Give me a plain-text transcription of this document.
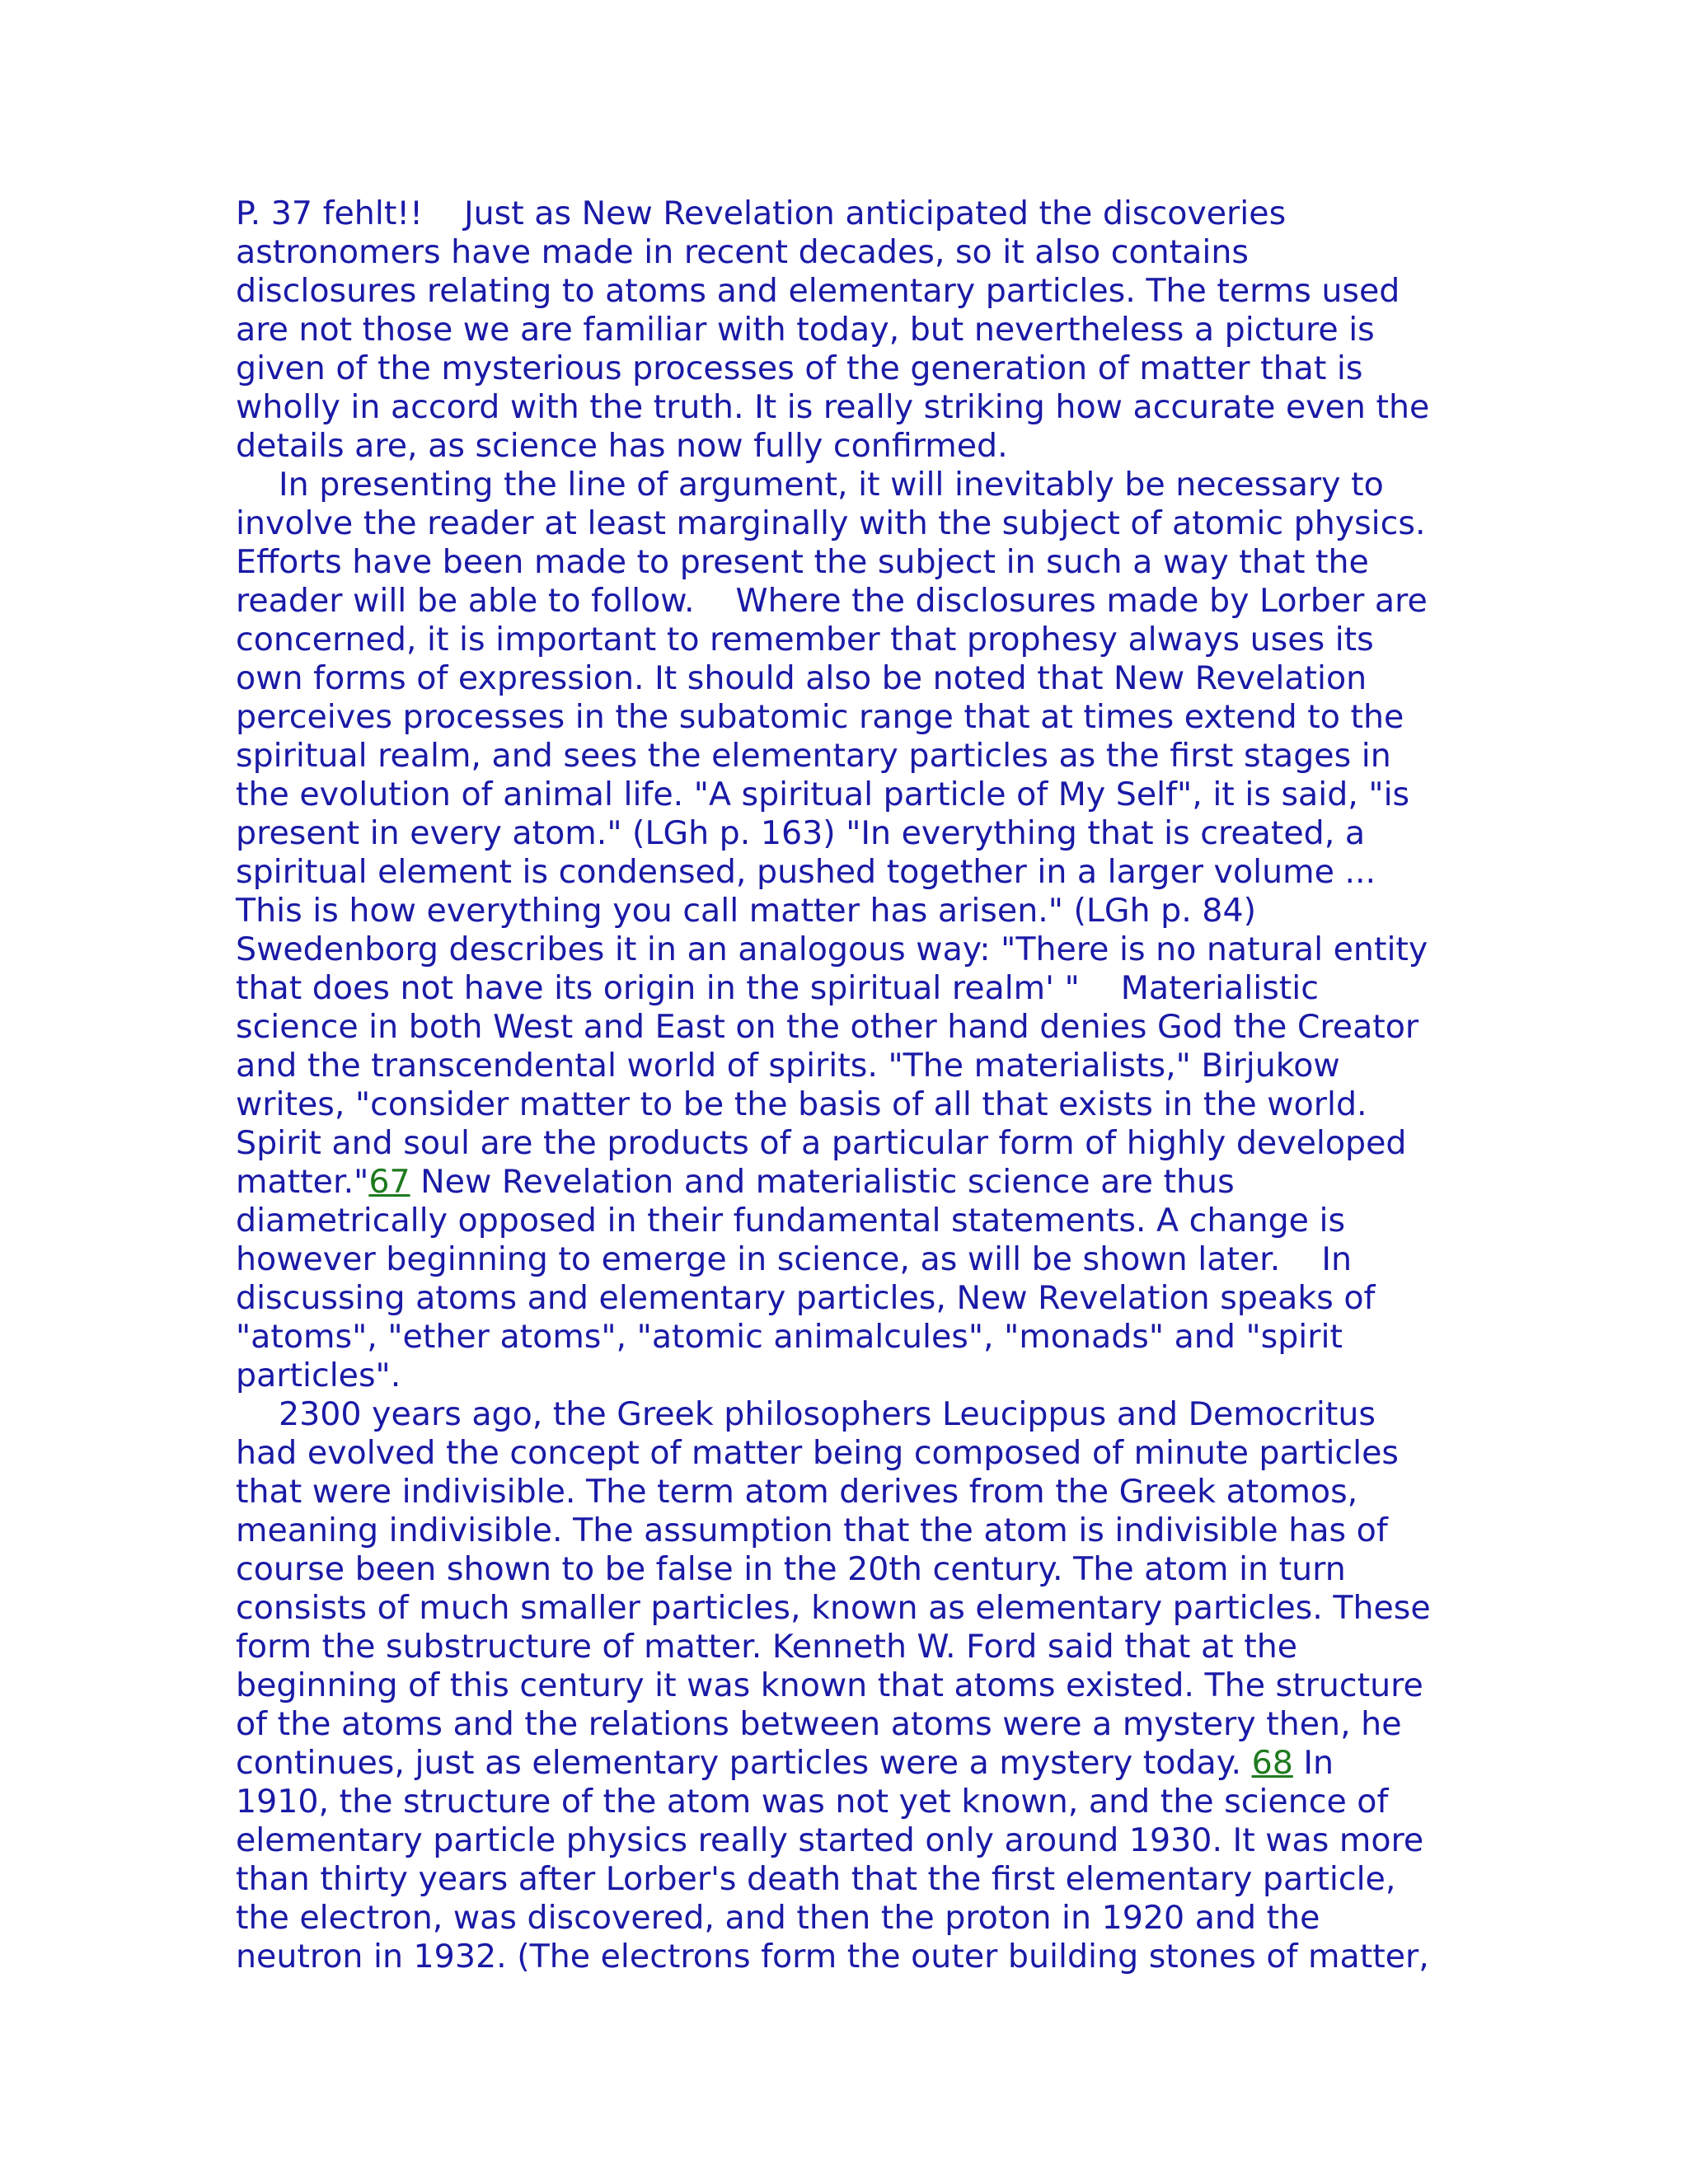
P. 37 fehlt!! Just as New Revelation anticipated the discoveries
astronomers have made in recent decades, so it also contains
disclosures relating to atoms and elementary particles. The terms used
are not those we are familiar with today, but nevertheless a picture is
given of the mysterious processes of the generation of matter that is
wholly in accord with the truth. It is really striking how accurate even the
details are, as science has now fully confirmed.
In presenting the line of argument, it will inevitably be necessary to
involve the reader at least marginally with the subject of atomic physics.
Efforts have been made to present the subject in such a way that the
reader will be able to follow. Where the disclosures made by Lorber are
concerned, it is important to remember that prophesy always uses its
own forms of expression. It should also be noted that New Revelation
perceives processes in the subatomic range that at times extend to the
spiritual realm, and sees the elementary particles as the first stages in
the evolution of animal life. "A spiritual particle of My Self", it is said, "is
present in every atom." (LGh p. 163) "In everything that is created, a
spiritual element is condensed, pushed together in a larger volume ...
This is how everything you call matter has arisen." (LGh p. 84)
Swedenborg describes it in an analogous way: "There is no natural entity
that does not have its origin in the spiritual realm' " Materialistic
science in both West and East on the other hand denies God the Creator
and the transcendental world of spirits. "The materialists," Birjukow
writes, "consider matter to be the basis of all that exists in the world.
Spirit and soul are the products of a particular form of highly developed
matter."67 New Revelation and materialistic science are thus
diametrically opposed in their fundamental statements. A change is
however beginning to emerge in science, as will be shown later. In
discussing atoms and elementary particles, New Revelation speaks of
"atoms", "ether atoms", "atomic animalcules", "monads" and "spirit
particles".
2300 years ago, the Greek philosophers Leucippus and Democritus
had evolved the concept of matter being composed of minute particles
that were indivisible. The term atom derives from the Greek atomos,
meaning indivisible. The assumption that the atom is indivisible has of
course been shown to be false in the 20th century. The atom in turn
consists of much smaller particles, known as elementary particles. These
form the substructure of matter. Kenneth W. Ford said that at the
beginning of this century it was known that atoms existed. The structure
of the atoms and the relations between atoms were a mystery then, he
continues, just as elementary particles were a mystery today. 68 In
1910, the structure of the atom was not yet known, and the science of
elementary particle physics really started only around 1930. It was more
than thirty years after Lorber's death that the first elementary particle,
the electron, was discovered, and then the proton in 1920 and the
neutron in 1932. (The electrons form the outer building stones of matter,
